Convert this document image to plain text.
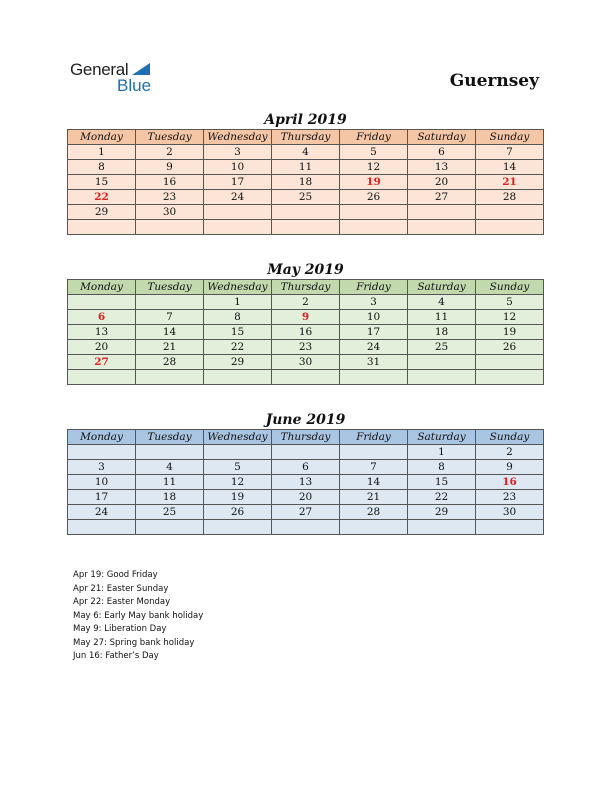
General
Blue	Guernsey
April 2019
Monday	Tuesday	Wednesday	Thursday	Friday	Saturday	Sunday
1	2	3	4	5	6	7
8	9	10	11	12	13	14
15	16	17	18	19	20	21
22	23	24	25	26	27	28
29	30					

May 2019
Monday	Tuesday	Wednesday	Thursday	Friday	Saturday	Sunday
		1	2	3	4	5
6	7	8	9	10	11	12
13	14	15	16	17	18	19
20	21	22	23	24	25	26
27	28	29	30	31		

June 2019
Monday	Tuesday	Wednesday	Thursday	Friday	Saturday	Sunday
					1	2
3	4	5	6	7	8	9
10	11	12	13	14	15	16
17	18	19	20	21	22	23
24	25	26	27	28	29	30

Apr 19: Good Friday
Apr 21: Easter Sunday
Apr 22: Easter Monday
May 6: Early May bank holiday
May 9: Liberation Day
May 27: Spring bank holiday
Jun 16: Father’s Day
